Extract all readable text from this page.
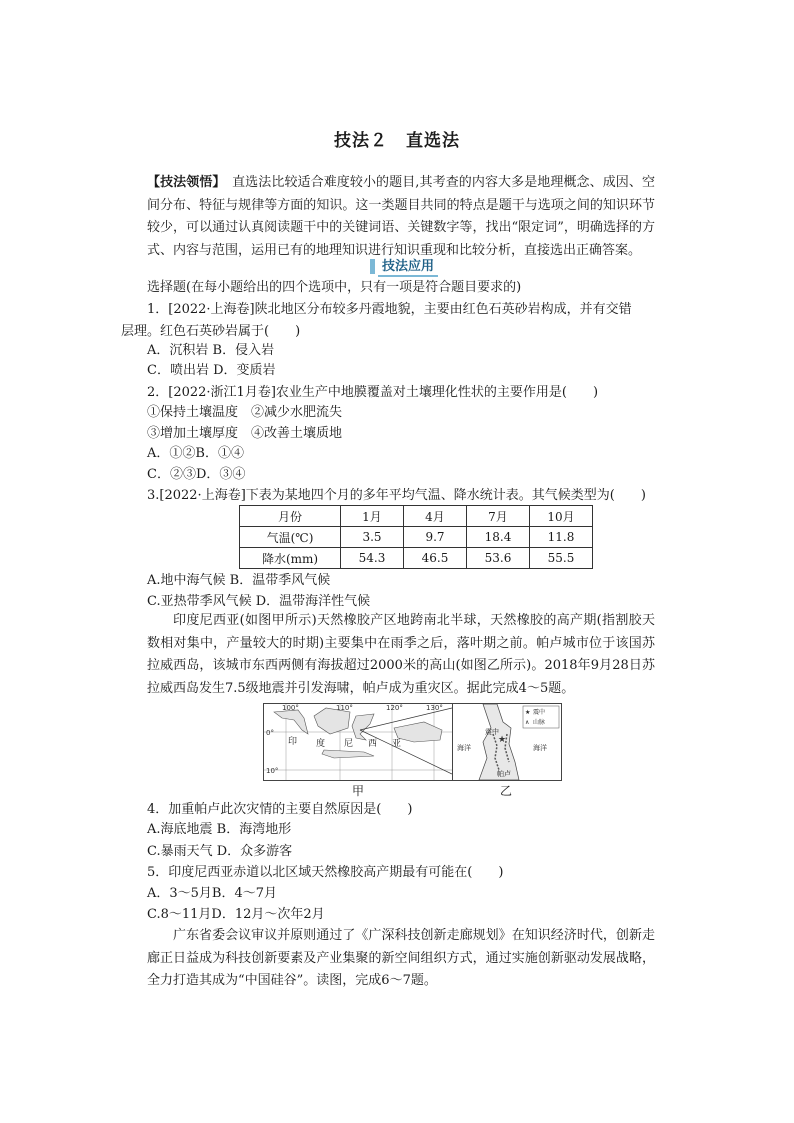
技法２　直选法
【技法领悟】　直选法比较适合难度较小的题目,其考查的内容大多是地理概念、成因、空间分布、特征与规律等方面的知识。这一类题目共同的特点是题干与选项之间的知识环节较少，可以通过认真阅读题干中的关键词语、关键数字等，找出“限定词”，明确选择的方式、内容与范围，运用已有的地理知识进行知识重现和比较分析，直接选出正确答案。
技法应用
选择题(在每小题给出的四个选项中，只有一项是符合题目要求的)
1．[2022·上海卷]陕北地区分布较多丹霞地貌，主要由红色石英砂岩构成，并有交错
层理。红色石英砂岩属于(　　)
A．沉积岩 B．侵入岩
C．喷出岩 D．变质岩
2．[2022·浙江1月卷]农业生产中地膜覆盖对土壤理化性状的主要作用是(　　)
①保持土壤温度　②减少水肥流失
③增加土壤厚度　④改善土壤质地
A．①②B．①④
C．②③D．③④
3.[2022·上海卷]下表为某地四个月的多年平均气温、降水统计表。其气候类型为(　　)
月份	1月	4月	7月	10月
气温(℃)	3.5	9.7	18.4	11.8
降水(mm)	54.3	46.5	53.6	55.5
A.地中海气候 B．温带季风气候
C.亚热带季风气候 D．温带海洋性气候
印度尼西亚(如图甲所示)天然橡胶产区地跨南北半球，天然橡胶的高产期(指割胶天数相对集中，产量较大的时期)主要集中在雨季之后，落叶期之前。帕卢城市位于该国苏拉威西岛，该城市东西两侧有海拔超过2000米的高山(如图乙所示)。2018年9月28日苏拉威西岛发生7.5级地震并引发海啸，帕卢成为重灾区。据此完成4～5题。
100°	110°	120°	130°
0°
10°
印 度 尼 西 亚	★
海洋	海洋
震中
帕卢
★ 震中
∧ 山脉
甲	乙
4．加重帕卢此次灾情的主要自然原因是(　　)
A.海底地震 B．海湾地形
C.暴雨天气 D．众多游客
5．印度尼西亚赤道以北区域天然橡胶高产期最有可能在(　　)
A．3～5月B．4～7月
C.8～11月D．12月～次年2月
广东省委会议审议并原则通过了《广深科技创新走廊规划》在知识经济时代，创新走廊正日益成为科技创新要素及产业集聚的新空间组织方式，通过实施创新驱动发展战略，全力打造其成为“中国硅谷”。读图，完成6～7题。
